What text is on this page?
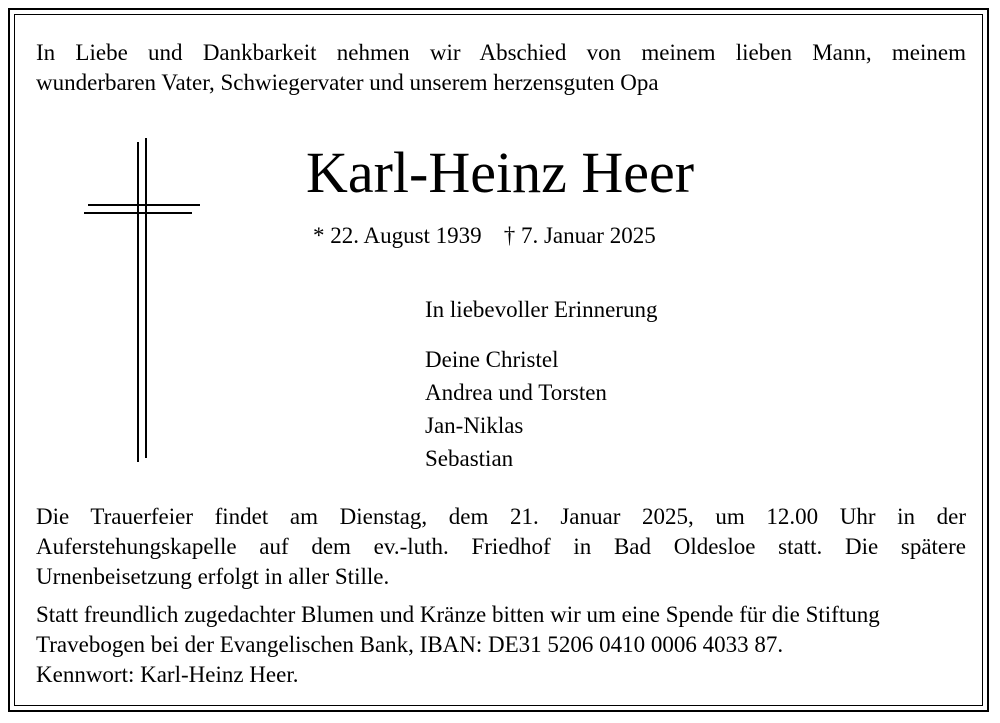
In Liebe und Dankbarkeit nehmen wir Abschied von meinem lieben Mann, meinem
wunderbaren Vater, Schwiegervater und unserem herzensguten Opa
Karl-Heinz Heer
* 22. August 1939 † 7. Januar 2025
In liebevoller Erinnerung
Deine Christel
Andrea und Torsten
Jan-Niklas
Sebastian
Die Trauerfeier findet am Dienstag, dem 21. Januar 2025, um 12.00 Uhr in der
Auferstehungskapelle auf dem ev.-luth. Friedhof in Bad Oldesloe statt. Die spätere
Urnenbeisetzung erfolgt in aller Stille.
Statt freundlich zugedachter Blumen und Kränze bitten wir um eine Spende für die Stiftung
Travebogen bei der Evangelischen Bank, IBAN: DE31 5206 0410 0006 4033 87.
Kennwort: Karl-Heinz Heer.
